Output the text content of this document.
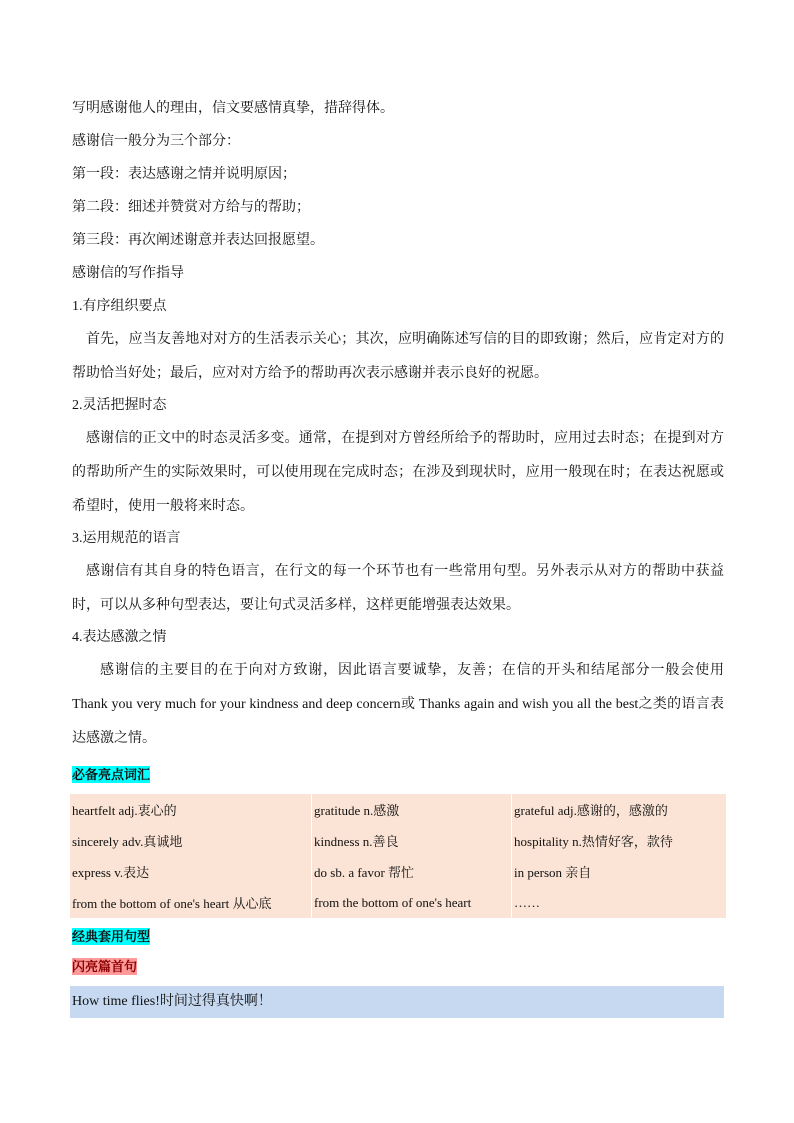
写明感谢他人的理由，信文要感情真挚，措辞得体。

感谢信一般分为三个部分：

第一段：表达感谢之情并说明原因；

第二段：细述并赞赏对方给与的帮助；

第三段：再次阐述谢意并表达回报愿望。

感谢信的写作指导

1.有序组织要点

首先，应当友善地对对方的生活表示关心；其次，应明确陈述写信的目的即致谢；然后，应肯定对方的帮助恰当好处；最后，应对对方给予的帮助再次表示感谢并表示良好的祝愿。

2.灵活把握时态

感谢信的正文中的时态灵活多变。通常，在提到对方曾经所给予的帮助时，应用过去时态；在提到对方的帮助所产生的实际效果时，可以使用现在完成时态；在涉及到现状时，应用一般现在时；在表达祝愿或希望时，使用一般将来时态。

3.运用规范的语言

感谢信有其自身的特色语言，在行文的每一个环节也有一些常用句型。另外表示从对方的帮助中获益时，可以从多种句型表达，要让句式灵活多样，这样更能增强表达效果。

4.表达感激之情

感谢信的主要目的在于向对方致谢，因此语言要诚挚，友善；在信的开头和结尾部分一般会使用 Thank you very much for your kindness and deep concern或 Thanks again and wish you all the best之类的语言表达感激之情。

必备亮点词汇
heartfelt adj.衷心的	gratitude n.感激	grateful adj.感谢的，感激的
sincerely adv.真诚地	kindness n.善良	hospitality n.热情好客，款待
express v.表达	do sb. a favor 帮忙	in person 亲自
from the bottom of one's heart 从心底	from the bottom of one's heart	……
经典套用句型
闪亮篇首句
How time flies!时间过得真快啊！
